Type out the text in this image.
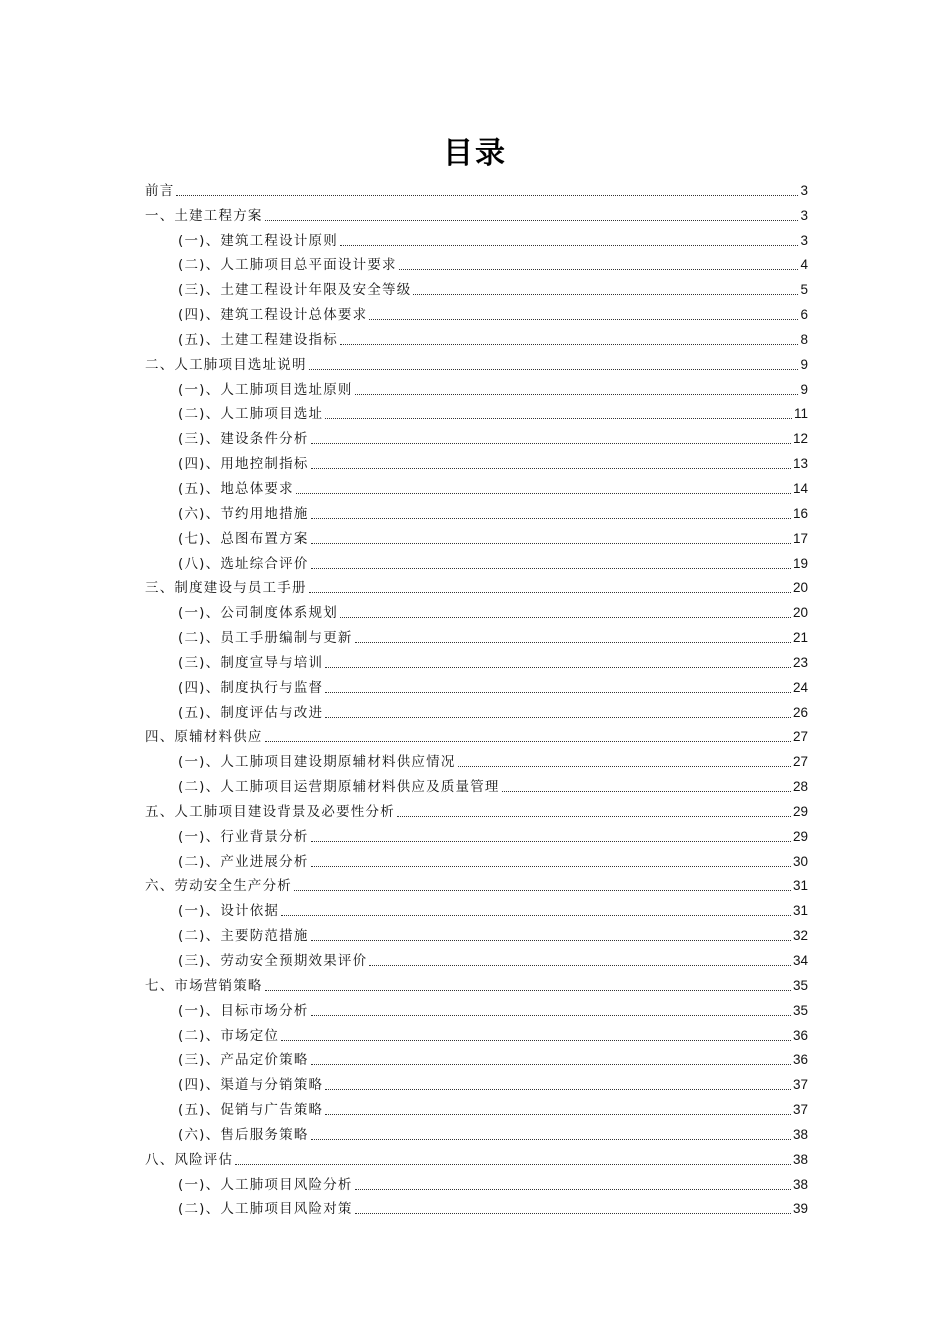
目录
前言	3
一、土建工程方案	3
(一)、建筑工程设计原则	3
(二)、人工肺项目总平面设计要求	4
(三)、土建工程设计年限及安全等级	5
(四)、建筑工程设计总体要求	6
(五)、土建工程建设指标	8
二、人工肺项目选址说明	9
(一)、人工肺项目选址原则	9
(二)、人工肺项目选址	11
(三)、建设条件分析	12
(四)、用地控制指标	13
(五)、地总体要求	14
(六)、节约用地措施	16
(七)、总图布置方案	17
(八)、选址综合评价	19
三、制度建设与员工手册	20
(一)、公司制度体系规划	20
(二)、员工手册编制与更新	21
(三)、制度宣导与培训	23
(四)、制度执行与监督	24
(五)、制度评估与改进	26
四、原辅材料供应	27
(一)、人工肺项目建设期原辅材料供应情况	27
(二)、人工肺项目运营期原辅材料供应及质量管理	28
五、人工肺项目建设背景及必要性分析	29
(一)、行业背景分析	29
(二)、产业进展分析	30
六、劳动安全生产分析	31
(一)、设计依据	31
(二)、主要防范措施	32
(三)、劳动安全预期效果评价	34
七、市场营销策略	35
(一)、目标市场分析	35
(二)、市场定位	36
(三)、产品定价策略	36
(四)、渠道与分销策略	37
(五)、促销与广告策略	37
(六)、售后服务策略	38
八、风险评估	38
(一)、人工肺项目风险分析	38
(二)、人工肺项目风险对策	39
